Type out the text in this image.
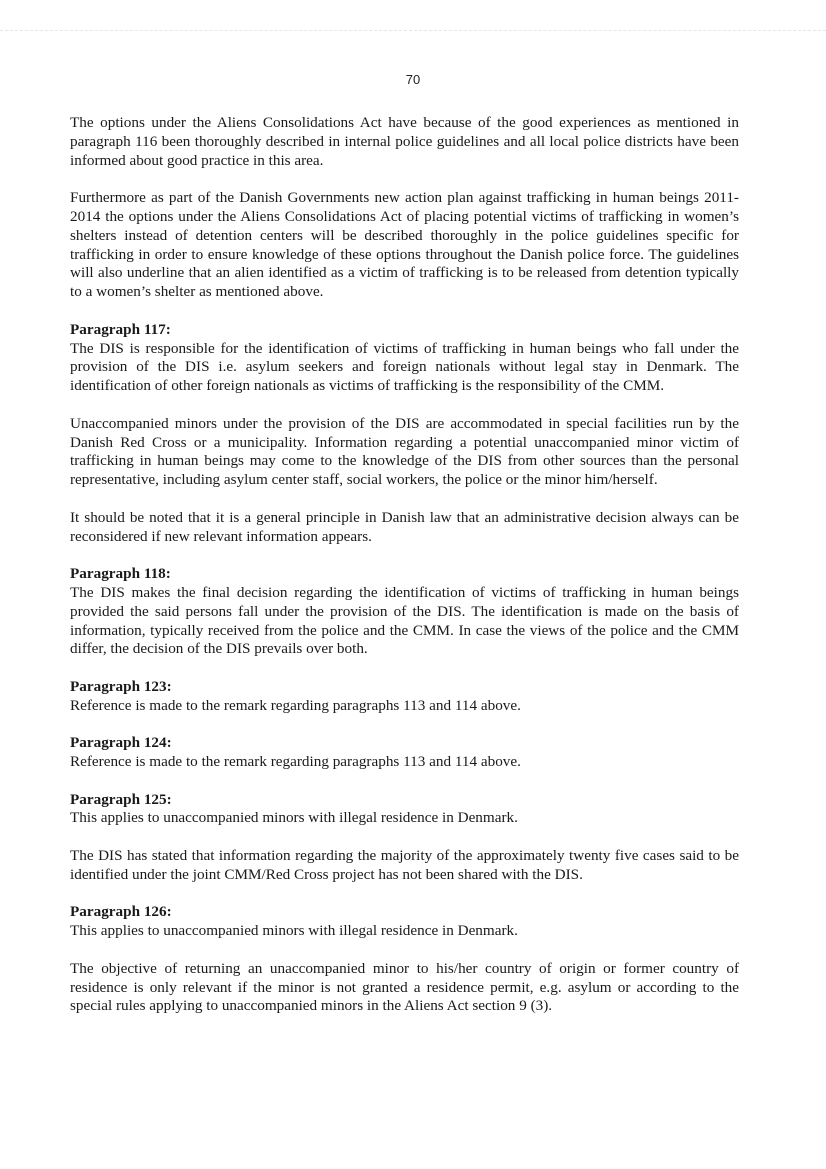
70

The options under the Aliens Consolidations Act have because of the good experiences as mentioned in paragraph 116 been thoroughly described in internal police guidelines and all local police districts have been informed about good practice in this area.

Furthermore as part of the Danish Governments new action plan against trafficking in human beings 2011-2014 the options under the Aliens Consolidations Act of placing potential victims of trafficking in women’s shelters instead of detention centers will be described thoroughly in the police guidelines specific for trafficking in order to ensure knowledge of these options throughout the Danish police force. The guidelines will also underline that an alien identified as a victim of trafficking is to be released from detention typically to a women’s shelter as mentioned above.

Paragraph 117:

The DIS is responsible for the identification of victims of trafficking in human beings who fall under the provision of the DIS i.e. asylum seekers and foreign nationals without legal stay in Denmark. The identification of other foreign nationals as victims of trafficking is the responsibility of the CMM.

Unaccompanied minors under the provision of the DIS are accommodated in special facilities run by the Danish Red Cross or a municipality. Information regarding a potential unaccompanied minor victim of trafficking in human beings may come to the knowledge of the DIS from other sources than the personal representative, including asylum center staff, social workers, the police or the minor him/herself.

It should be noted that it is a general principle in Danish law that an administrative decision always can be reconsidered if new relevant information appears.

Paragraph 118:

The DIS makes the final decision regarding the identification of victims of trafficking in human beings provided the said persons fall under the provision of the DIS. The identification is made on the basis of information, typically received from the police and the CMM. In case the views of the police and the CMM differ, the decision of the DIS prevails over both.

Paragraph 123:

Reference is made to the remark regarding paragraphs 113 and 114 above.

Paragraph 124:

Reference is made to the remark regarding paragraphs 113 and 114 above.

Paragraph 125:

This applies to unaccompanied minors with illegal residence in Denmark.

The DIS has stated that information regarding the majority of the approximately twenty five cases said to be identified under the joint CMM/Red Cross project has not been shared with the DIS.

Paragraph 126:

This applies to unaccompanied minors with illegal residence in Denmark.

The objective of returning an unaccompanied minor to his/her country of origin or former country of residence is only relevant if the minor is not granted a residence permit, e.g. asylum or according to the special rules applying to unaccompanied minors in the Aliens Act section 9 (3).
